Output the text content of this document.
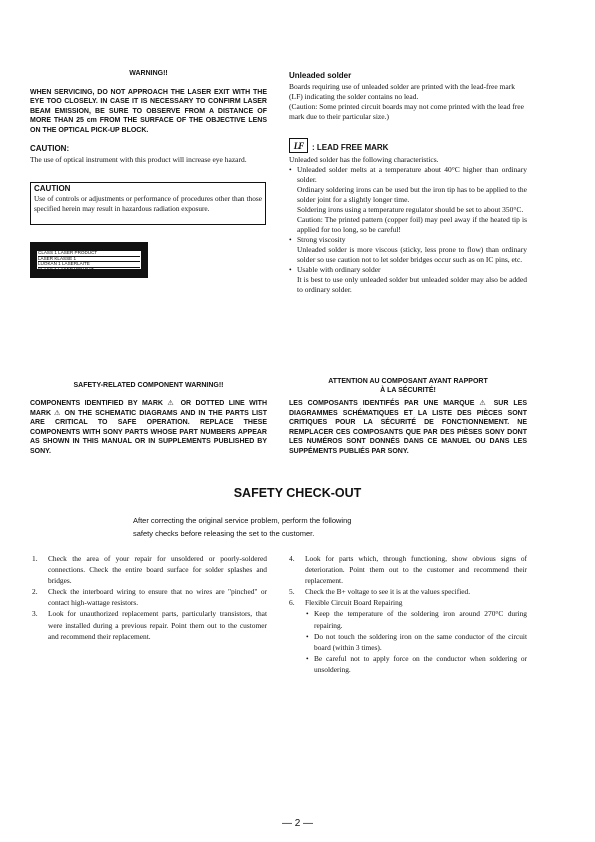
WARNING!!

WHEN SERVICING, DO NOT APPROACH THE LASER EXIT WITH THE EYE TOO CLOSELY. IN CASE IT IS NECESSARY TO CONFIRM LASER BEAM EMISSION, BE SURE TO OBSERVE FROM A DISTANCE OF MORE THAN 25 cm FROM THE SURFACE OF THE OBJECTIVE LENS ON THE OPTICAL PICK-UP BLOCK.

CAUTION:

The use of optical instrument with this product will increase eye hazard.

CAUTION

Use of controls or adjustments or performance of procedures other than those specified herein may result in hazardous radiation exposure.

CLASS 1 LASER PRODUCT
LASER KLASSE 1
LUOKAN 1 LASERLAITE
KLASS 1 LASERAPPARAT
Unleaded solder

Boards requiring use of unleaded solder are printed with the lead-free mark (LF) indicating the solder contains no lead.

(Caution: Some printed circuit boards may not come printed with the lead free mark due to their particular size.)

LF	: LEAD FREE MARK

Unleaded solder has the following characteristics.

• Unleaded solder melts at a temperature about 40°C higher than ordinary solder.
Ordinary soldering irons can be used but the iron tip has to be applied to the solder joint for a slightly longer time.
Soldering irons using a temperature regulator should be set to about 350°C.
Caution: The printed pattern (copper foil) may peel away if the heated tip is applied for too long, so be careful!
• Strong viscosity
Unleaded solder is more viscous (sticky, less prone to flow) than ordinary solder so use caution not to let solder bridges occur such as on IC pins, etc.
• Usable with ordinary solder
It is best to use only unleaded solder but unleaded solder may also be added to ordinary solder.
SAFETY-RELATED COMPONENT WARNING!!

COMPONENTS IDENTIFIED BY MARK ⚠ OR DOTTED LINE WITH MARK ⚠ ON THE SCHEMATIC DIAGRAMS AND IN THE PARTS LIST ARE CRITICAL TO SAFE OPERATION. REPLACE THESE COMPONENTS WITH SONY PARTS WHOSE PART NUMBERS APPEAR AS SHOWN IN THIS MANUAL OR IN SUPPLEMENTS PUBLISHED BY SONY.

ATTENTION AU COMPOSANT AYANT RAPPORT
À LA SÉCURITÉ!

LES COMPOSANTS IDENTIFÉS PAR UNE MARQUE ⚠ SUR LES DIAGRAMMES SCHÉMATIQUES ET LA LISTE DES PIÈCES SONT CRITIQUES POUR LA SÉCURITÉ DE FONCTIONNEMENT. NE REMPLACER CES COMPOSANTS QUE PAR DES PIÈSES SONY DONT LES NUMÉROS SONT DONNÉS DANS CE MANUEL OU DANS LES SUPPÉMENTS PUBLIÉS PAR SONY.

SAFETY CHECK-OUT
After correcting the original service problem, perform the following
safety checks before releasing the set to the customer.
1. Check the area of your repair for unsoldered or poorly-soldered connections. Check the entire board surface for solder splashes and bridges.
2. Check the interboard wiring to ensure that no wires are "pinched" or contact high-wattage resistors.
3. Look for unauthorized replacement parts, particularly transistors, that were installed during a previous repair. Point them out to the customer and recommend their replacement.
4. Look for parts which, through functioning, show obvious signs of deterioration. Point them out to the customer and recommend their replacement.
5. Check the B+ voltage to see it is at the values specified.
6. Flexible Circuit Board Repairing
• Keep the temperature of the soldering iron around 270°C during repairing.
• Do not touch the soldering iron on the same conductor of the circuit board (within 3 times).
• Be careful not to apply force on the conductor when soldering or unsoldering.
— 2 —
